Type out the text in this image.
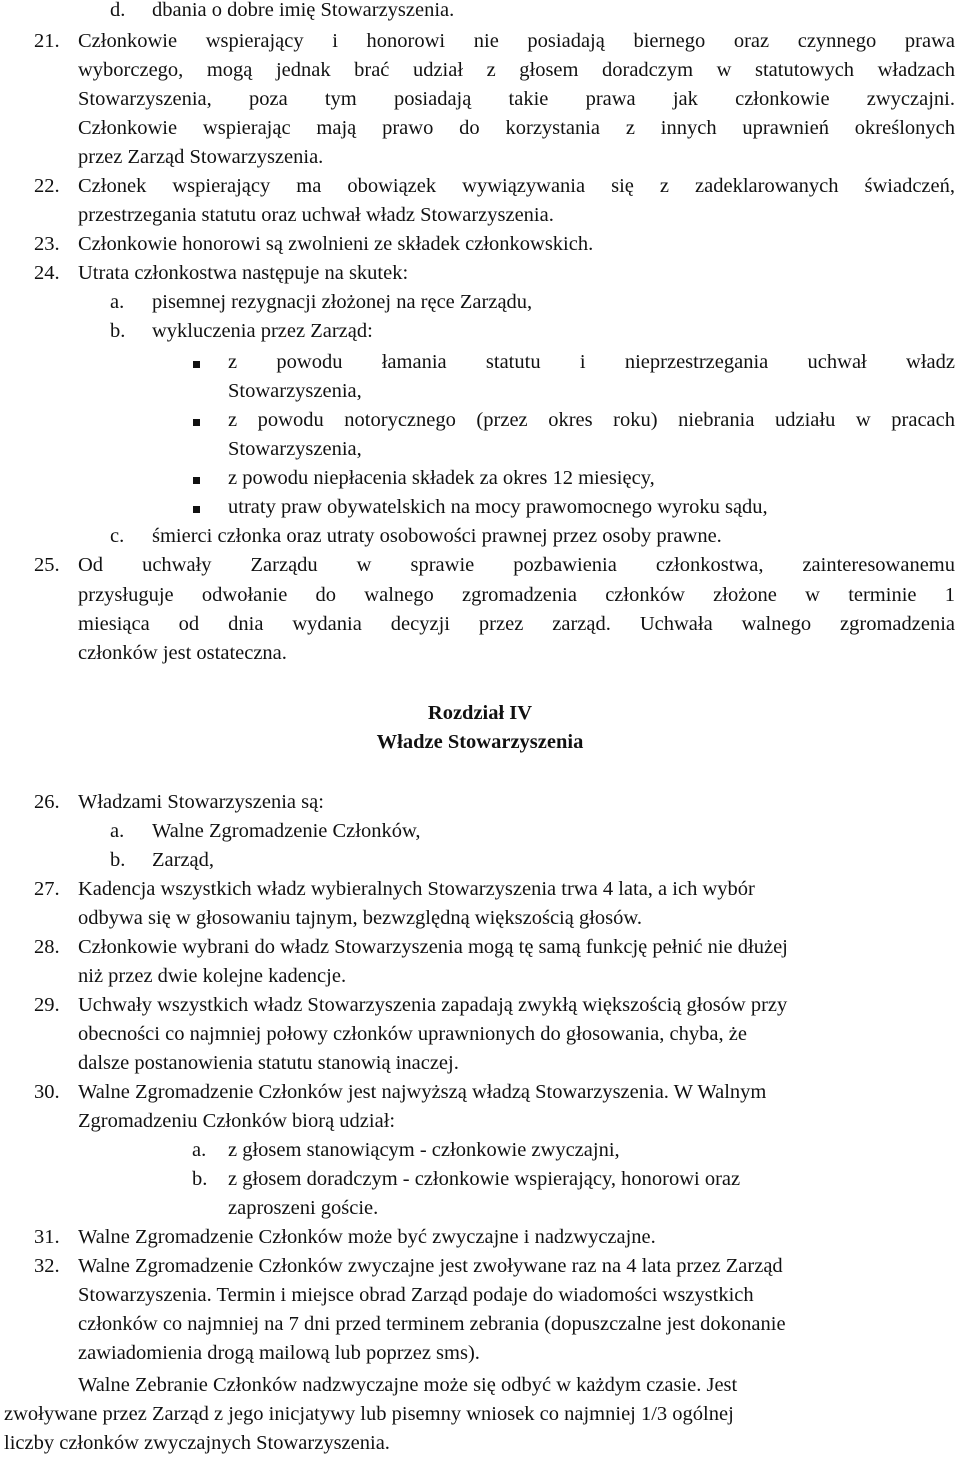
d. dbania o dobre imię Stowarzyszenia.
21. Członkowie wspierający i honorowi nie posiadają biernego oraz czynnego prawa
wyborczego, mogą jednak brać udział z głosem doradczym w statutowych władzach
Stowarzyszenia, poza tym posiadają takie prawa jak członkowie zwyczajni.
Członkowie wspierając mają prawo do korzystania z innych uprawnień określonych
przez Zarząd Stowarzyszenia.
22. Członek wspierający ma obowiązek wywiązywania się z zadeklarowanych świadczeń,
przestrzegania statutu oraz uchwał władz Stowarzyszenia.
23. Członkowie honorowi są zwolnieni ze składek członkowskich.
24. Utrata członkostwa następuje na skutek:
a. pisemnej rezygnacji złożonej na ręce Zarządu,
b. wykluczenia przez Zarząd:
z powodu łamania statutu i nieprzestrzegania uchwał władz
Stowarzyszenia,
z powodu notorycznego (przez okres roku) niebrania udziału w pracach
Stowarzyszenia,
z powodu niepłacenia składek za okres 12 miesięcy,
utraty praw obywatelskich na mocy prawomocnego wyroku sądu,
c. śmierci członka oraz utraty osobowości prawnej przez osoby prawne.
25. Od uchwały Zarządu w sprawie pozbawienia członkostwa, zainteresowanemu
przysługuje odwołanie do walnego zgromadzenia członków złożone w terminie 1
miesiąca od dnia wydania decyzji przez zarząd. Uchwała walnego zgromadzenia
członków jest ostateczna.
Rozdział IV
Władze Stowarzyszenia
26. Władzami Stowarzyszenia są:
a. Walne Zgromadzenie Członków,
b. Zarząd,
27. Kadencja wszystkich władz wybieralnych Stowarzyszenia trwa 4 lata, a ich wybór
odbywa się w głosowaniu tajnym, bezwzględną większością głosów.
28. Członkowie wybrani do władz Stowarzyszenia mogą tę samą funkcję pełnić nie dłużej
niż przez dwie kolejne kadencje.
29. Uchwały wszystkich władz Stowarzyszenia zapadają zwykłą większością głosów przy
obecności co najmniej połowy członków uprawnionych do głosowania, chyba, że
dalsze postanowienia statutu stanowią inaczej.
30. Walne Zgromadzenie Członków jest najwyższą władzą Stowarzyszenia. W Walnym
Zgromadzeniu Członków biorą udział:
a. z głosem stanowiącym - członkowie zwyczajni,
b. z głosem doradczym - członkowie wspierający, honorowi oraz
zaproszeni goście.
31. Walne Zgromadzenie Członków może być zwyczajne i nadzwyczajne.
32. Walne Zgromadzenie Członków zwyczajne jest zwoływane raz na 4 lata przez Zarząd
Stowarzyszenia. Termin i miejsce obrad Zarząd podaje do wiadomości wszystkich
członków co najmniej na 7 dni przed terminem zebrania (dopuszczalne jest dokonanie
zawiadomienia drogą mailową lub poprzez sms).
Walne Zebranie Członków nadzwyczajne może się odbyć w każdym czasie. Jest
zwoływane przez Zarząd z jego inicjatywy lub pisemny wniosek co najmniej 1/3 ogólnej
liczby członków zwyczajnych Stowarzyszenia.
